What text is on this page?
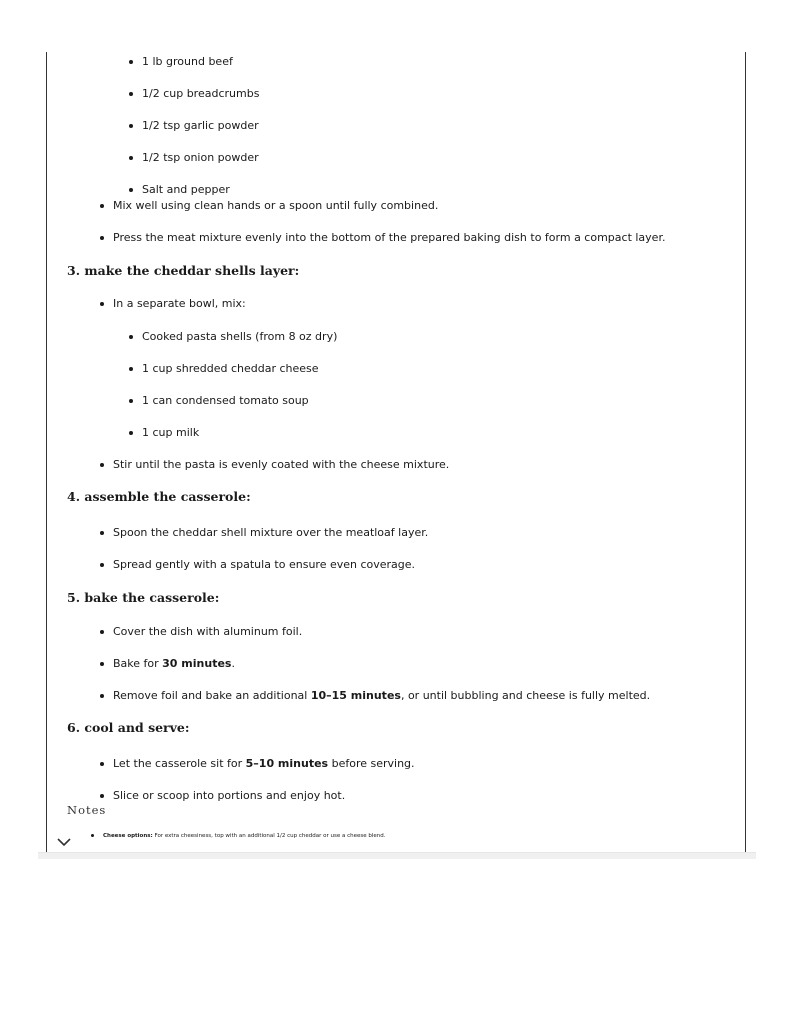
1 lb ground beef
1/2 cup breadcrumbs
1/2 tsp garlic powder
1/2 tsp onion powder
Salt and pepper
Mix well using clean hands or a spoon until fully combined.
Press the meat mixture evenly into the bottom of the prepared baking dish to form a compact layer.
3. make the cheddar shells layer:
In a separate bowl, mix:
Cooked pasta shells (from 8 oz dry)
1 cup shredded cheddar cheese
1 can condensed tomato soup
1 cup milk
Stir until the pasta is evenly coated with the cheese mixture.
4. assemble the casserole:
Spoon the cheddar shell mixture over the meatloaf layer.
Spread gently with a spatula to ensure even coverage.
5. bake the casserole:
Cover the dish with aluminum foil.
Bake for 30 minutes.
Remove foil and bake an additional 10–15 minutes, or until bubbling and cheese is fully melted.
6. cool and serve:
Let the casserole sit for 5–10 minutes before serving.
Slice or scoop into portions and enjoy hot.
Notes
Cheese options: For extra cheesiness, top with an additional 1/2 cup cheddar or use a cheese blend.
